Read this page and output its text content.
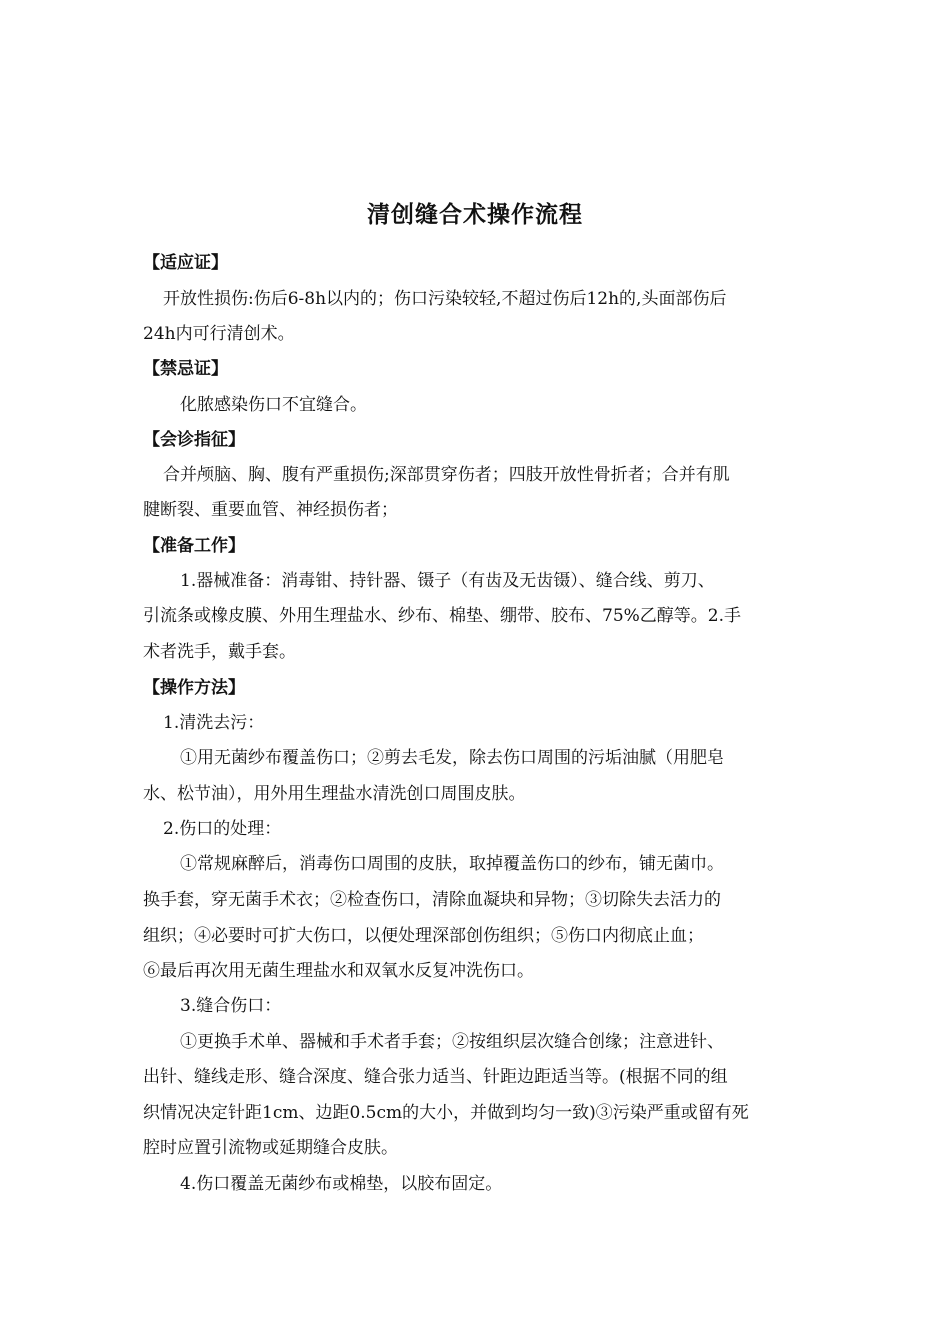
清创缝合术操作流程
【适应证】
开放性损伤:伤后6-8h以内的；伤口污染较轻,不超过伤后12h的,头面部伤后
24h内可行清创术。
【禁忌证】
化脓感染伤口不宜缝合。
【会诊指征】
合并颅脑、胸、腹有严重损伤;深部贯穿伤者；四肢开放性骨折者；合并有肌
腱断裂、重要血管、神经损伤者；
【准备工作】
1.器械准备：消毒钳、持针器、镊子（有齿及无齿镊）、缝合线、剪刀、
引流条或橡皮膜、外用生理盐水、纱布、棉垫、绷带、胶布、75%乙醇等。2.手
术者洗手，戴手套。
【操作方法】
1.清洗去污：
①用无菌纱布覆盖伤口；②剪去毛发，除去伤口周围的污垢油腻（用肥皂
水、松节油），用外用生理盐水清洗创口周围皮肤。
2.伤口的处理：
①常规麻醉后，消毒伤口周围的皮肤，取掉覆盖伤口的纱布，铺无菌巾。
换手套，穿无菌手术衣；②检查伤口，清除血凝块和异物；③切除失去活力的
组织；④必要时可扩大伤口，以便处理深部创伤组织；⑤伤口内彻底止血；
⑥最后再次用无菌生理盐水和双氧水反复冲洗伤口。
3.缝合伤口：
①更换手术单、器械和手术者手套；②按组织层次缝合创缘；注意进针、
出针、缝线走形、缝合深度、缝合张力适当、针距边距适当等。(根据不同的组
织情况决定针距1cm、边距0.5cm的大小，并做到均匀一致)③污染严重或留有死
腔时应置引流物或延期缝合皮肤。
4.伤口覆盖无菌纱布或棉垫，以胶布固定。
